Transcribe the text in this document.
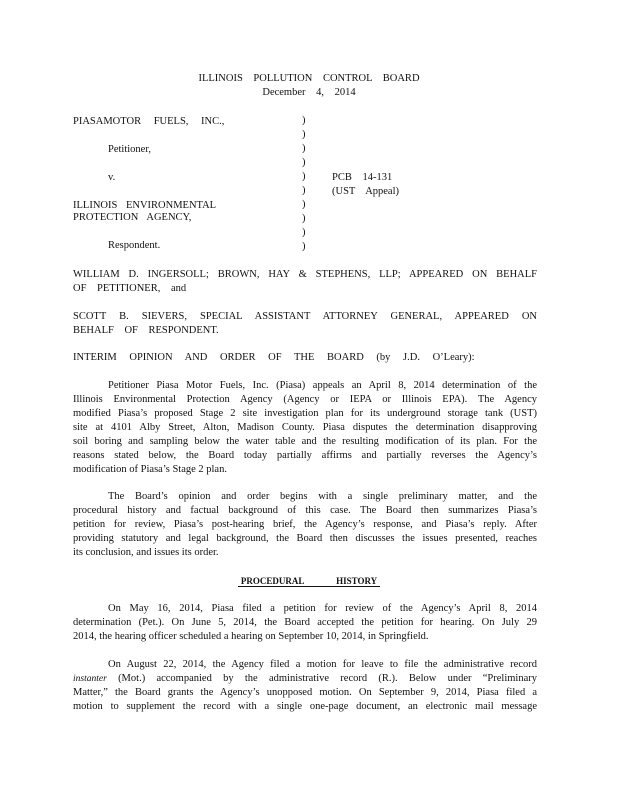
ILLINOIS POLLUTION CONTROL BOARD
December 4, 2014
PIASAMOTOR FUELS, INC.,
Petitioner,
v.
ILLINOIS ENVIRONMENTAL
PROTECTION AGENCY,
Respondent.
PCB 14-131
(UST Appeal)
)
)
)
)
)
)
)
)
)
)
WILLIAM D. INGERSOLL; BROWN, HAY & STEPHENS, LLP; APPEARED ON BEHALF
OF PETITIONER, and
SCOTT B. SIEVERS, SPECIAL ASSISTANT ATTORNEY GENERAL, APPEARED ON
BEHALF OF RESPONDENT.
INTERIM OPINION AND ORDER OF THE BOARD (by J.D. O’Leary):
Petitioner Piasa Motor Fuels, Inc. (Piasa) appeals an April 8, 2014 determination of the
Illinois Environmental Protection Agency (Agency or IEPA or Illinois EPA). The Agency
modified Piasa’s proposed Stage 2 site investigation plan for its underground storage tank (UST)
site at 4101 Alby Street, Alton, Madison County. Piasa disputes the determination disapproving
soil boring and sampling below the water table and the resulting modification of its plan. For the
reasons stated below, the Board today partially affirms and partially reverses the Agency’s
modification of Piasa’s Stage 2 plan.
The Board’s opinion and order begins with a single preliminary matter, and the
procedural history and factual background of this case. The Board then summarizes Piasa’s
petition for review, Piasa’s post-hearing brief, the Agency’s response, and Piasa’s reply. After
providing statutory and legal background, the Board then discusses the issues presented, reaches
its conclusion, and issues its order.
PROCEDURAL HISTORY
On May 16, 2014, Piasa filed a petition for review of the Agency’s April 8, 2014
determination (Pet.). On June 5, 2014, the Board accepted the petition for hearing. On July 29
2014, the hearing officer scheduled a hearing on September 10, 2014, in Springfield.
On August 22, 2014, the Agency filed a motion for leave to file the administrative record
instanter (Mot.) accompanied by the administrative record (R.). Below under “Preliminary
Matter,” the Board grants the Agency’s unopposed motion. On September 9, 2014, Piasa filed a
motion to supplement the record with a single one-page document, an electronic mail message
